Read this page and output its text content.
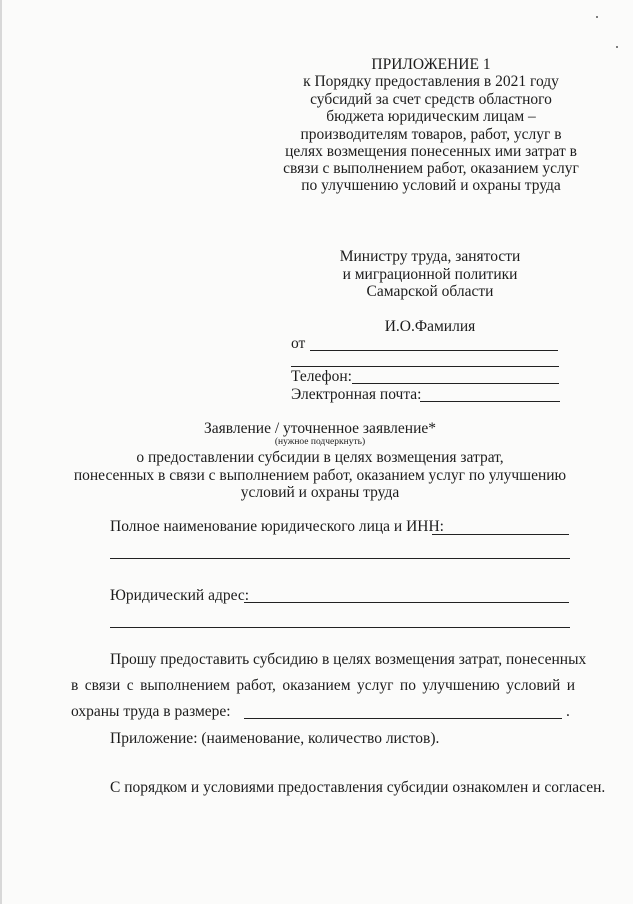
ПРИЛОЖЕНИЕ 1
к Порядку предоставления в 2021 году
субсидий за счет средств областного
бюджета юридическим лицам –
производителям товаров, работ, услуг в
целях возмещения понесенных ими затрат в
связи с выполнением работ, оказанием услуг
по улучшению условий и охраны труда
Министру труда, занятости
и миграционной политики
Самарской области
И.О.Фамилия
от
Телефон:
Электронная почта:
Заявление / уточненное заявление*
(нужное подчеркнуть)
о предоставлении субсидии в целях возмещения затрат,
понесенных в связи с выполнением работ, оказанием услуг по улучшению
условий и охраны труда
Полное наименование юридического лица и ИНН:
Юридический адрес:
Прошу предоставить субсидию в целях возмещения затрат, понесенных
в связи с выполнением работ, оказанием услуг по улучшению условий и
охраны труда в размере:	.
Приложение: (наименование, количество листов).
С порядком и условиями предоставления субсидии ознакомлен и согласен.
